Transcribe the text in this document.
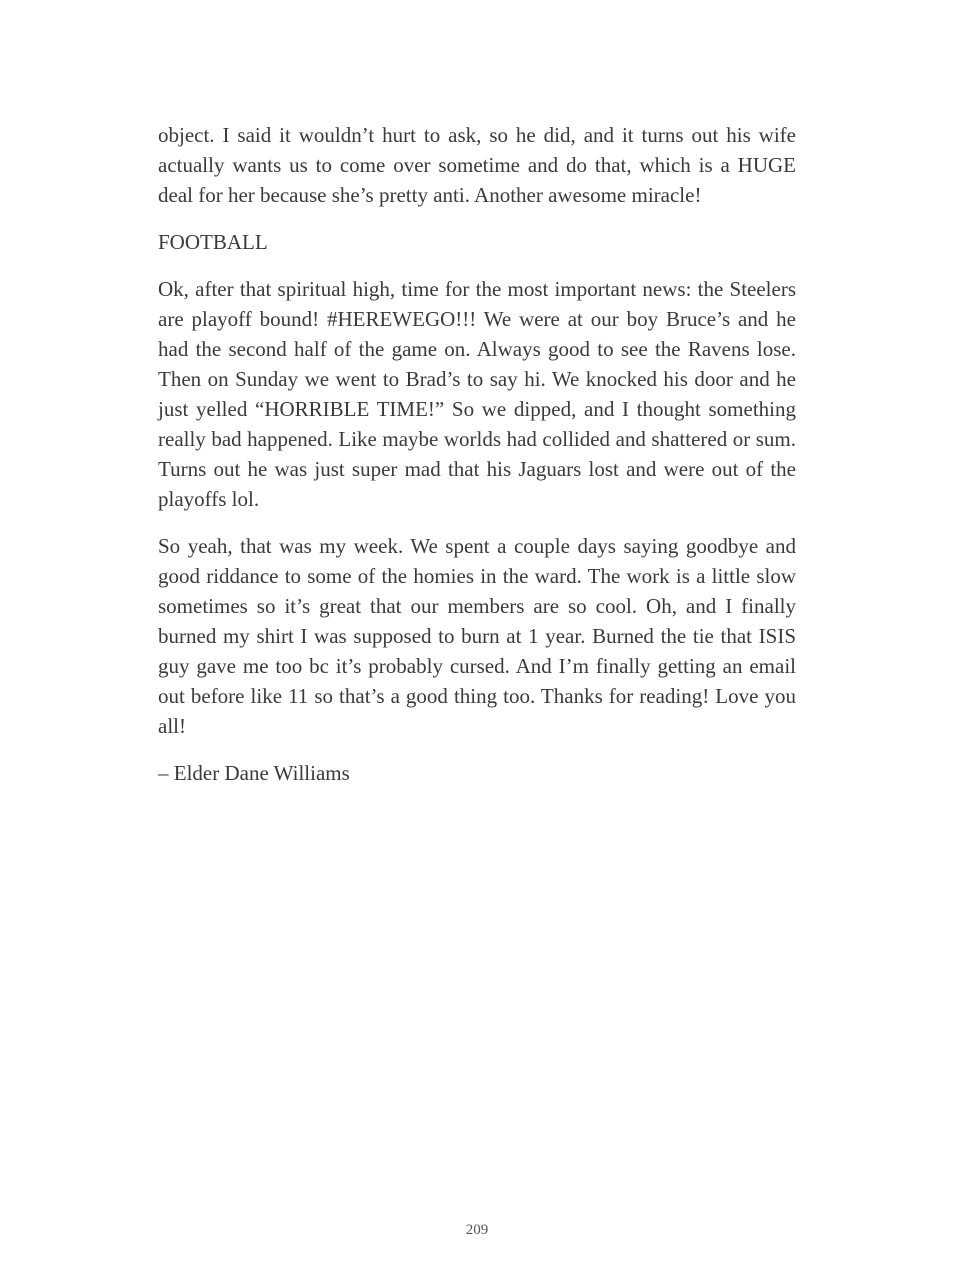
object. I said it wouldn’t hurt to ask, so he did, and it turns out his wife actually wants us to come over sometime and do that, which is a HUGE deal for her because she’s pretty anti. Another awesome miracle!

FOOTBALL

Ok, after that spiritual high, time for the most important news: the Steelers are playoff bound! #HEREWEGO!!! We were at our boy Bruce’s and he had the second half of the game on. Always good to see the Ravens lose. Then on Sunday we went to Brad’s to say hi. We knocked his door and he just yelled “HORRIBLE TIME!” So we dipped, and I thought something really bad happened. Like maybe worlds had collided and shattered or sum. Turns out he was just super mad that his Jaguars lost and were out of the playoffs lol.

So yeah, that was my week. We spent a couple days saying goodbye and good riddance to some of the homies in the ward. The work is a little slow sometimes so it’s great that our members are so cool. Oh, and I finally burned my shirt I was supposed to burn at 1 year. Burned the tie that ISIS guy gave me too bc it’s probably cursed. And I’m finally getting an email out before like 11 so that’s a good thing too. Thanks for reading! Love you all!

– Elder Dane Williams

209
